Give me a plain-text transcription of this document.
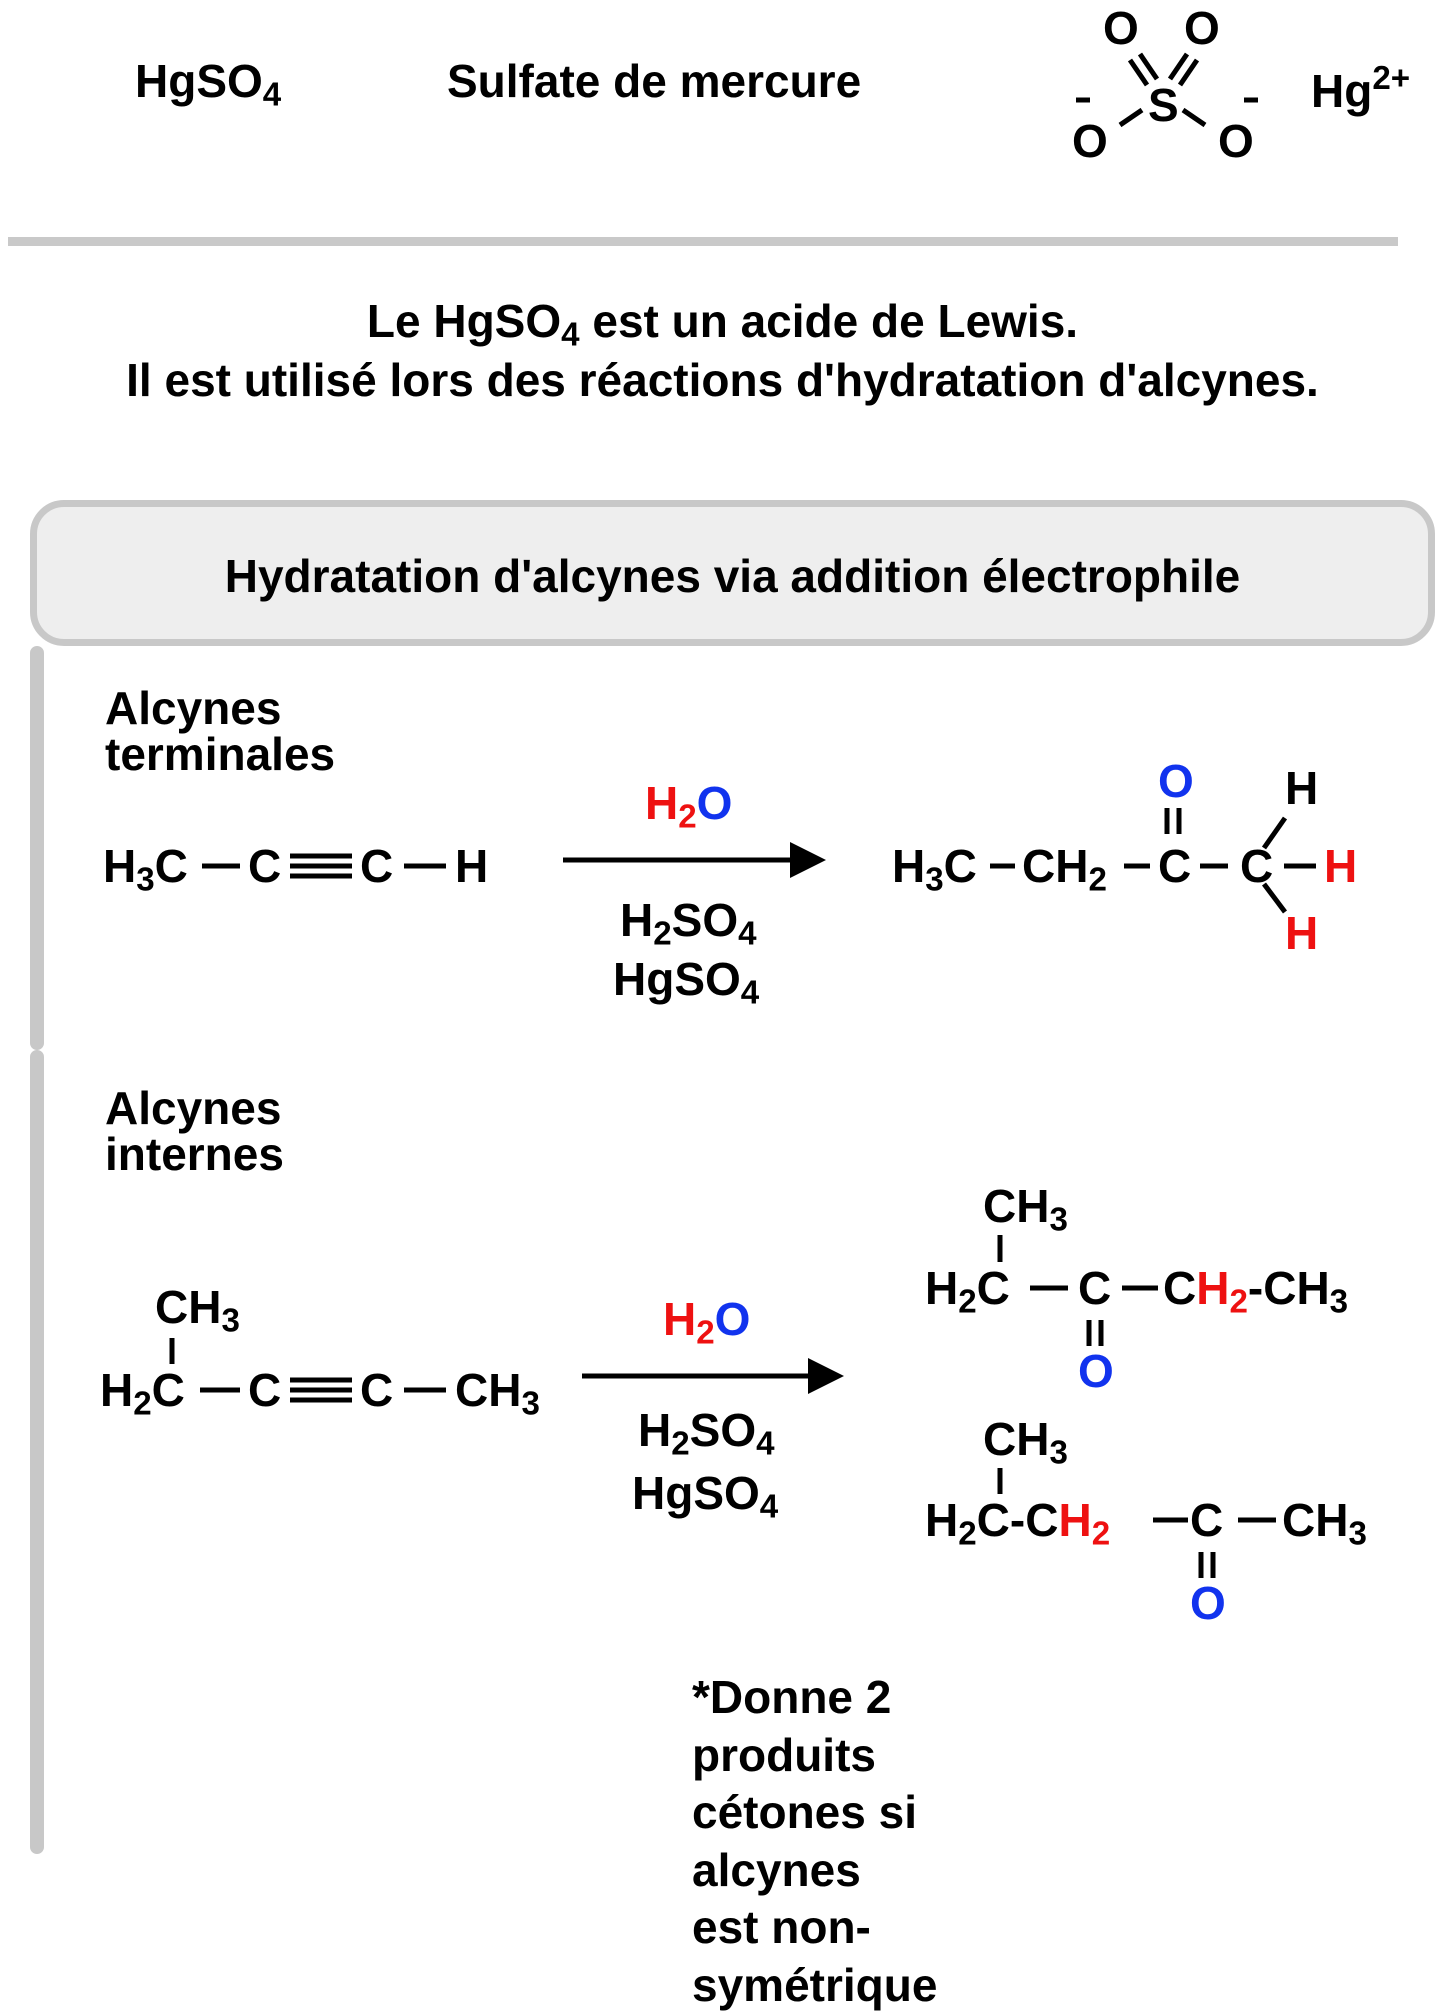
HgSO$_4$	Sulfate de mercure	–	–
O O
S
O O
$Hg^{2+}$
Le HgSO$_4$ est un acide de Lewis.
Il est utilisé lors des réactions d'hydratation d'alcynes.
Hydratation d'alcynes via addition électrophile
Alcynes terminales
$H_3C$ C C H
$H_2O$
$H_2SO_4$
HgSO$_4$
$H_3C$ $CH_2$ C
O
C
H
H
H
Alcynes internes
*Donne 2 produits cétones si
alcynes est non-symétrique
$CH_3$
$H_2C$ C C $CH_3$
$H_2O$
$H_2SO_4$
HgSO$_4$
$CH_3$
$H_2C$ C
O
$CH_2-CH_3$
$CH_3$
$H_2C-CH_2$ C
O
$CH_3$
